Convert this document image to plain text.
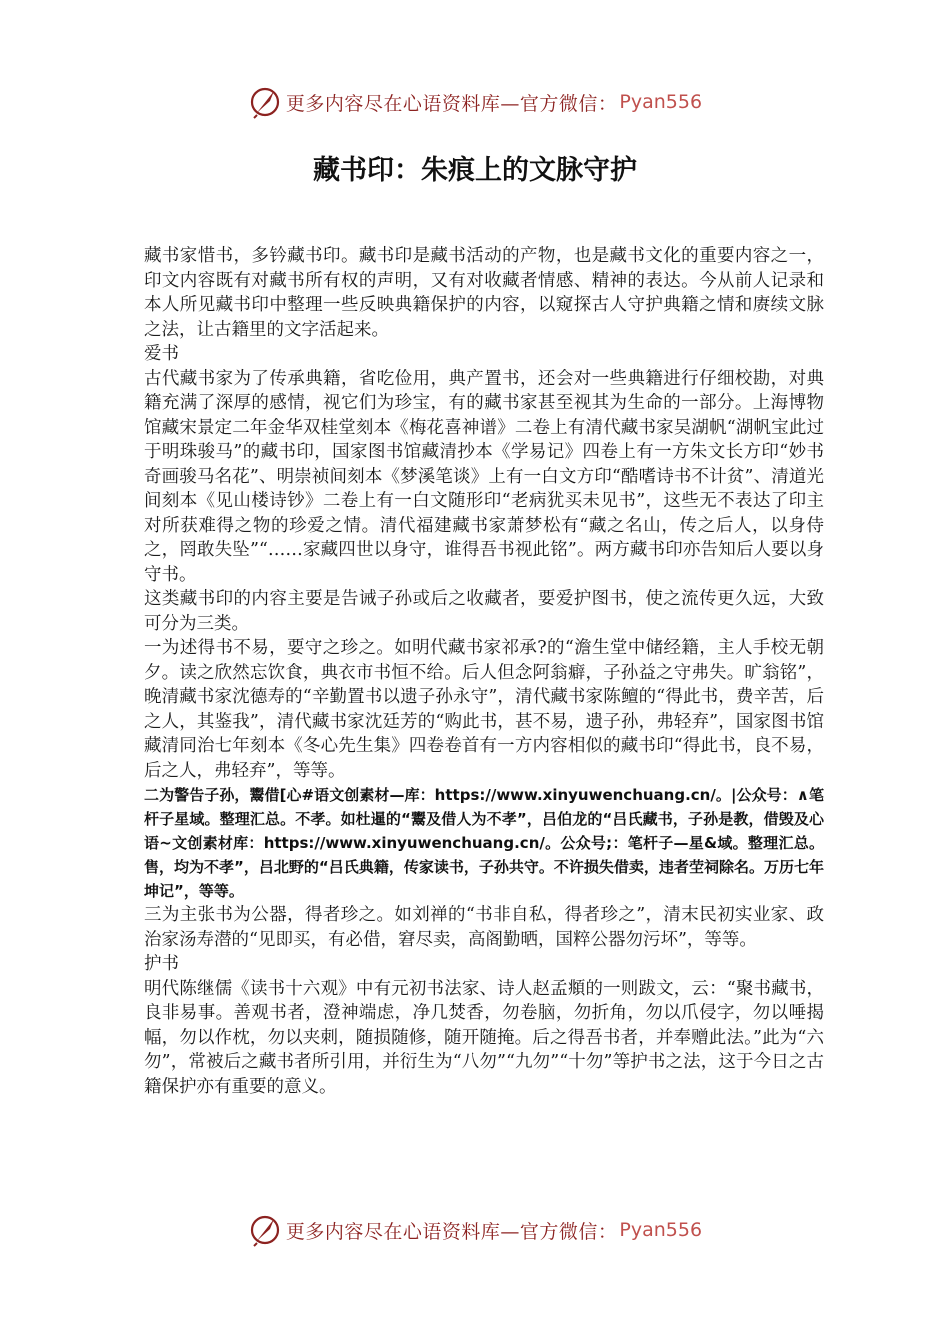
更多内容尽在心语资料库—官方微信： Pyan556
藏书印：朱痕上的文脉守护

藏书家惜书，多钤藏书印。藏书印是藏书活动的产物，也是藏书文化的重要内容之一，印文内容既有对藏书所有权的声明，又有对收藏者情感、精神的表达。今从前人记录和本人所见藏书印中整理一些反映典籍保护的内容，以窥探古人守护典籍之情和赓续文脉之法，让古籍里的文字活起来。

爱书

古代藏书家为了传承典籍，省吃俭用，典产置书，还会对一些典籍进行仔细校勘，对典籍充满了深厚的感情，视它们为珍宝，有的藏书家甚至视其为生命的一部分。上海博物馆藏宋景定二年金华双桂堂刻本《梅花喜神谱》二卷上有清代藏书家吴湖帆“湖帆宝此过于明珠骏马”的藏书印，国家图书馆藏清抄本《学易记》四卷上有一方朱文长方印“妙书奇画骏马名花”、明崇祯间刻本《梦溪笔谈》上有一白文方印“酷嗜诗书不计贫”、清道光间刻本《见山楼诗钞》二卷上有一白文随形印“老病犹买未见书”，这些无不表达了印主对所获难得之物的珍爱之情。清代福建藏书家萧梦松有“藏之名山，传之后人，以身侍之，罔敢失坠”“……家藏四世以身守，谁得吾书视此铭”。两方藏书印亦告知后人要以身守书。

这类藏书印的内容主要是告诫子孙或后之收藏者，要爱护图书，使之流传更久远，大致可分为三类。

一为述得书不易，要守之珍之。如明代藏书家祁承?的“澹生堂中储经籍，主人手校无朝夕。读之欣然忘饮食，典衣市书恒不给。后人但念阿翁癖，子孙益之守弗失。旷翁铭”，晚清藏书家沈德寿的“辛勤置书以遗子孙永守”，清代藏书家陈鳣的“得此书，费辛苦，后之人，其鉴我”，清代藏书家沈廷芳的“购此书，甚不易，遗子孙，弗轻弃”，国家图书馆藏清同治七年刻本《冬心先生集》四卷卷首有一方内容相似的藏书印“得此书，良不易，后之人，弗轻弃”，等等。

二为警告子孙，鬻借[心#语文创素材—库：https://www.xinyuwenchuang.cn/。|公众号：∧笔杆子星域。整理汇总。不孝。如杜暹的“鬻及借人为不孝”，吕伯龙的“吕氏藏书，子孙是教，借毁及心语~文创素材库：https://www.xinyuwenchuang.cn/。公众号;：笔杆子—星&域。整理汇总。售，均为不孝”，吕北野的“吕氏典籍，传家读书，子孙共守。不许损失借卖，违者茔祠除名。万历七年坤记”，等等。

三为主张书为公器，得者珍之。如刘禅的“书非自私，得者珍之”，清末民初实业家、政治家汤寿潜的“见即买，有必借，窘尽卖，高阁勤晒，国粹公器勿污坏”，等等。

护书

明代陈继儒《读书十六观》中有元初书法家、诗人赵孟頫的一则跋文，云：“聚书藏书，良非易事。善观书者，澄神端虑，净几焚香，勿卷脑，勿折角，勿以爪侵字，勿以唾揭幅，勿以作枕，勿以夹刺，随损随修，随开随掩。后之得吾书者，并奉赠此法。”此为“六勿”，常被后之藏书者所引用，并衍生为“八勿”“九勿”“十勿”等护书之法，这于今日之古籍保护亦有重要的意义。

更多内容尽在心语资料库—官方微信： Pyan556
